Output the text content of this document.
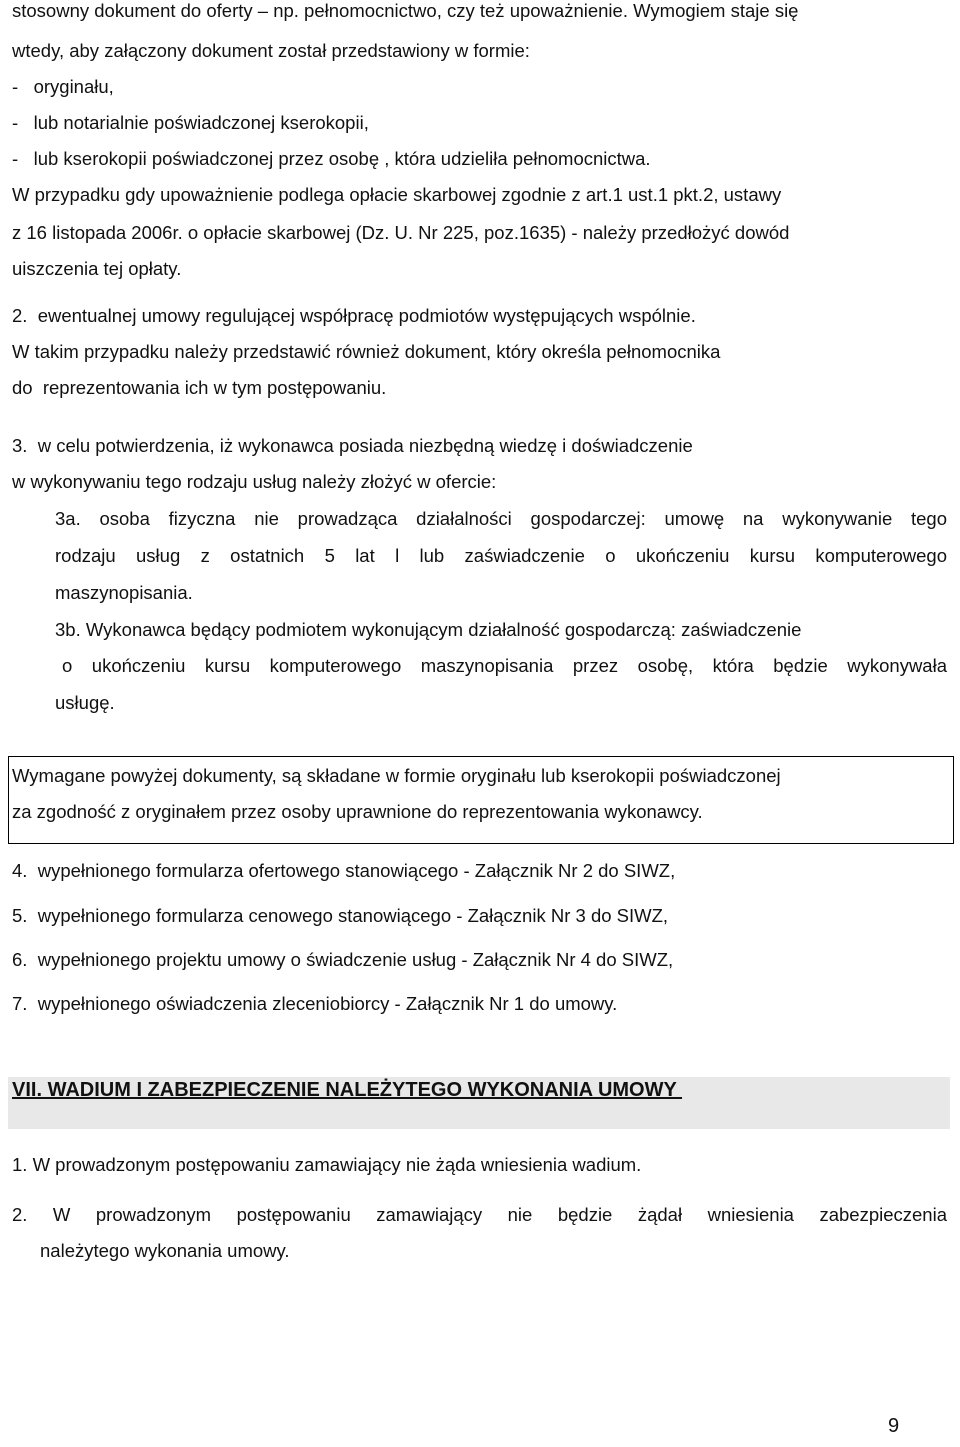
stosowny dokument do oferty – np. pełnomocnictwo, czy też upoważnienie. Wymogiem staje się
wtedy, aby załączony dokument został przedstawiony w formie:
-   oryginału,
-   lub notarialnie poświadczonej kserokopii,
-   lub kserokopii poświadczonej przez osobę , która udzieliła pełnomocnictwa.
W przypadku gdy upoważnienie podlega opłacie skarbowej zgodnie z art.1 ust.1 pkt.2, ustawy
z 16 listopada 2006r. o opłacie skarbowej (Dz. U. Nr 225, poz.1635) - należy przedłożyć dowód
uiszczenia tej opłaty.
2.  ewentualnej umowy regulującej współpracę podmiotów występujących wspólnie.
W takim przypadku należy przedstawić również dokument, który określa pełnomocnika
do  reprezentowania ich w tym postępowaniu.
3.  w celu potwierdzenia, iż wykonawca posiada niezbędną wiedzę i doświadczenie
w wykonywaniu tego rodzaju usług należy złożyć w ofercie:
3a. osoba fizyczna nie prowadząca działalności gospodarczej: umowę na wykonywanie tego
rodzaju usług z ostatnich 5 lat l lub zaświadczenie o ukończeniu kursu komputerowego
maszynopisania.
3b. Wykonawca będący podmiotem wykonującym działalność gospodarczą: zaświadczenie
o ukończeniu kursu komputerowego maszynopisania przez osobę, która będzie wykonywała
usługę.
Wymagane powyżej dokumenty, są składane w formie oryginału lub kserokopii poświadczonej
za zgodność z oryginałem przez osoby uprawnione do reprezentowania wykonawcy.
4.  wypełnionego formularza ofertowego stanowiącego - Załącznik Nr 2 do SIWZ,
5.  wypełnionego formularza cenowego stanowiącego - Załącznik Nr 3 do SIWZ,
6.  wypełnionego projektu umowy o świadczenie usług - Załącznik Nr 4 do SIWZ,
7.  wypełnionego oświadczenia zleceniobiorcy - Załącznik Nr 1 do umowy.
VII. WADIUM I ZABEZPIECZENIE NALEŻYTEGO WYKONANIA UMOWY
1. W prowadzonym postępowaniu zamawiający nie żąda wniesienia wadium.
2.  W  prowadzonym  postępowaniu  zamawiający  nie  będzie  żądał  wniesienia  zabezpieczenia
należytego wykonania umowy.
9
